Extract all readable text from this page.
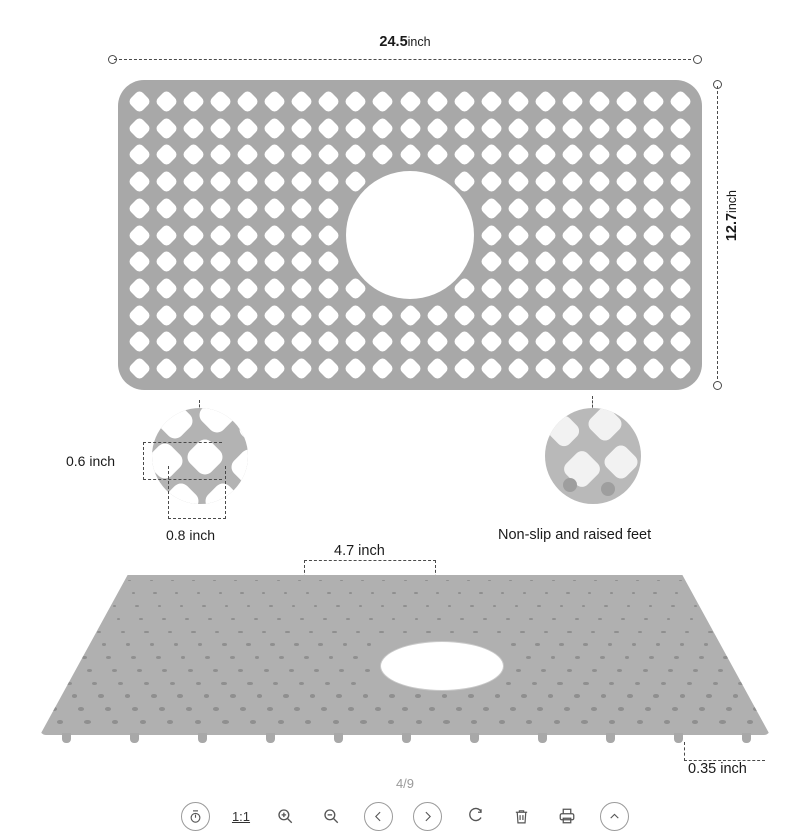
24.5inch
12.7inch
0.6 inch
0.8 inch	Non-slip and raised feet
4.7 inch
0.35 inch
4/9
1:1
